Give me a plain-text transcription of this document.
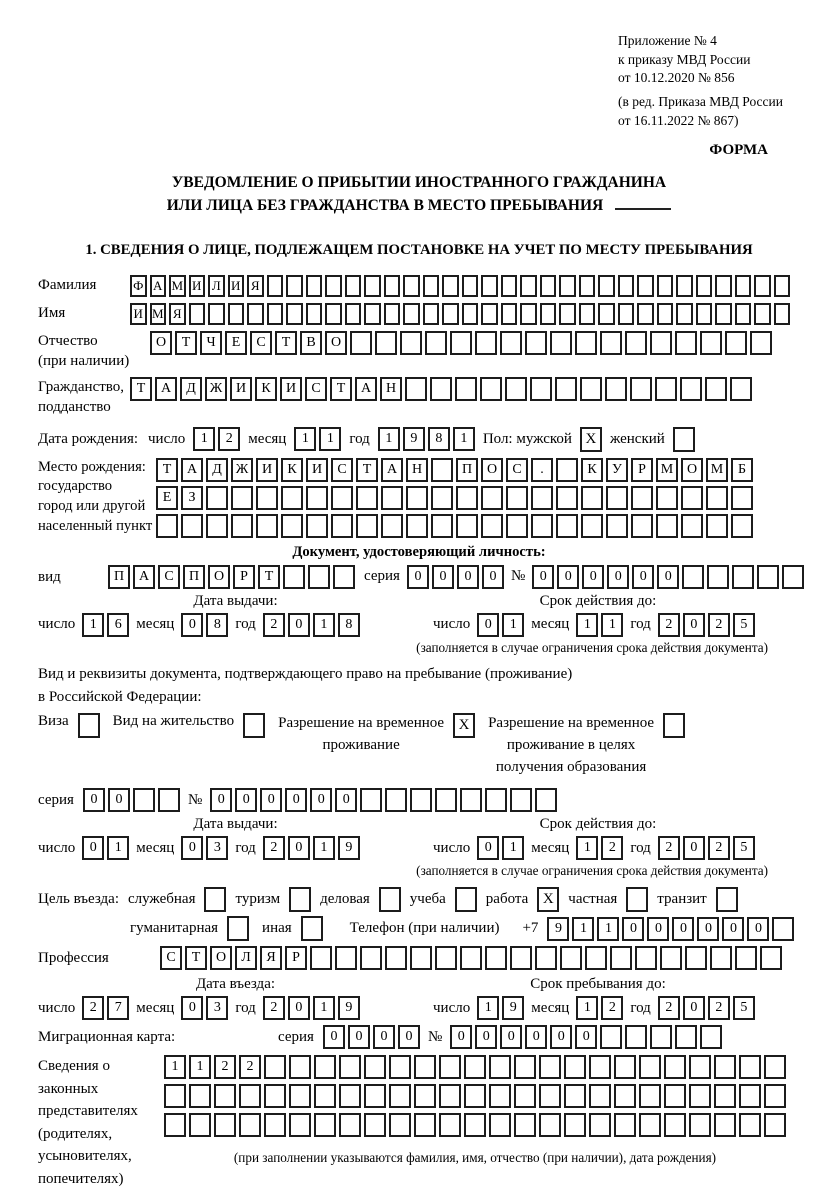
Приложение № 4
к приказу МВД России
от 10.12.2020 № 856
(в ред. Приказа МВД России
от 16.11.2022 № 867)
ФОРМА
УВЕДОМЛЕНИЕ О ПРИБЫТИИ ИНОСТРАННОГО ГРАЖДАНИНА
ИЛИ ЛИЦА БЕЗ ГРАЖДАНСТВА В МЕСТО ПРЕБЫВАНИЯ
1. СВЕДЕНИЯ О ЛИЦЕ, ПОДЛЕЖАЩЕМ ПОСТАНОВКЕ НА УЧЕТ ПО МЕСТУ ПРЕБЫВАНИЯ
Фамилия	Ф А М И Л И Я
Имя	И М Я
Отчество
(при наличии)
О	Т	Ч	Е	С	Т	В	О
Гражданство,
подданство
Т	А	Д Ж И	К	И	С	Т	А	Н
Дата рождения: число	1	2	месяц	1	1	год	1	9	8	1	Пол: мужской X женский
Место рождения:
государство
город или другой
населенный пункт
Т	А	Д Ж И	К	И	С	Т	А	Н	П	О	С	.	К	У	Р	М О М	Б
Е	З
Документ, удостоверяющий личность:
вид	П	А	С	П	О	Р	Т	серия	0	0	0	0 №	0	0	0	0	0	0
Дата выдачи:	Срок действия до:
число	1	6 месяц	0	8 год	2	0	1	8	число	0	1 месяц	1	1 год	2	0	2	5
(заполняется в случае ограничения срока действия документа)
Вид и реквизиты документа, подтверждающего право на пребывание (проживание)
в Российской Федерации:
Виза	Вид на жительство	Разрешение на временное
проживание
X	Разрешение на временное
проживание в целях
получения образования
серия	0	0	№	0	0	0	0	0	0
Дата выдачи:	Срок действия до:
число	0	1 месяц	0	3 год	2	0	1	9	число	0	1 месяц	1	2 год	2	0	2	5
(заполняется в случае ограничения срока действия документа)
Цель въезда: служебная	туризм	деловая	учеба	работа X частная	транзит
гуманитарная	иная	Телефон (при наличии) +7	9	1	1	0	0	0	0	0	0
Профессия	С	Т	О	Л	Я	Р
Дата въезда:	Срок пребывания до:
число	2	7 месяц	0	3 год	2	0	1	9	число	1	9 месяц	1	2 год	2	0	2	5
Миграционная карта:	серия	0	0	0	0	№	0	0	0	0	0	0
Сведения о
законных
представителях
(родителях,
усыновителях,
попечителях)
1	1	2	2
(при заполнении указываются фамилия, имя, отчество (при наличии), дата рождения)
